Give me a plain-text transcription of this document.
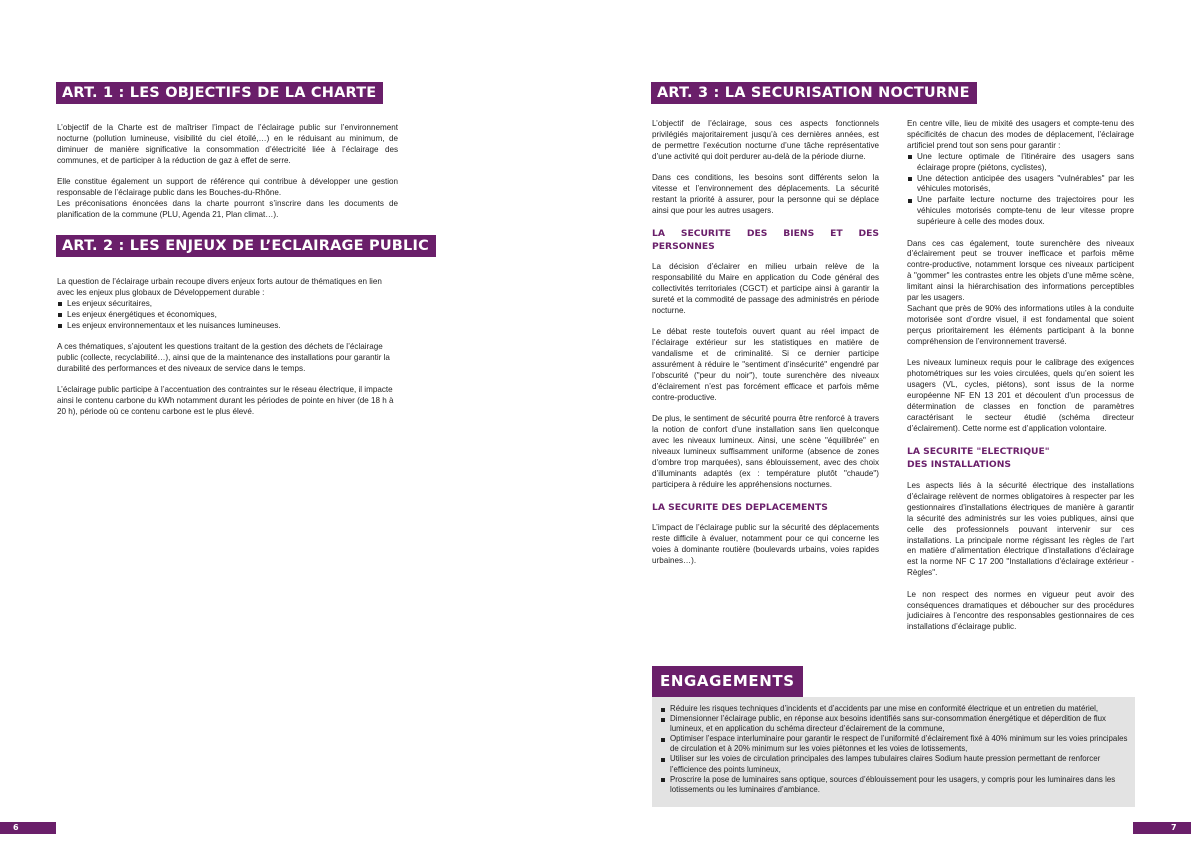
ART. 1 : LES OBJECTIFS DE LA CHARTE

L’objectif de la Charte est de maîtriser l’impact de l’éclairage public sur l’environnement nocturne (pollution lumineuse, visibilité du ciel étoilé,…) en le réduisant au minimum, de diminuer de manière significative la consommation d’électricité liée à l’éclairage des communes, et de participer à la réduction de gaz à effet de serre.

Elle constitue également un support de référence qui contribue à développer une gestion responsable de l’éclairage public dans les Bouches-du-Rhône.

Les préconisations énoncées dans la charte pourront s’inscrire dans les documents de planification de la commune (PLU, Agenda 21, Plan climat…).

ART. 2 : LES ENJEUX DE L’ECLAIRAGE PUBLIC

La question de l’éclairage urbain recoupe divers enjeux forts autour de thématiques en lien avec les enjeux plus globaux de Développement durable :

Les enjeux sécuritaires,
Les enjeux énergétiques et économiques,
Les enjeux environnementaux et les nuisances lumineuses.

A ces thématiques, s’ajoutent les questions traitant de la gestion des déchets de l’éclairage public (collecte, recyclabilité…), ainsi que de la maintenance des installations pour garantir la durabilité des performances et des niveaux de service dans le temps.

L’éclairage public participe à l’accentuation des contraintes sur le réseau électrique, il impacte ainsi le contenu carbone du kWh notamment durant les périodes de pointe en hiver (de 18 h à 20 h), période où ce contenu carbone est le plus élevé.

6
ART. 3 : LA SECURISATION NOCTURNE

L’objectif de l’éclairage, sous ces aspects fonctionnels privilégiés majoritairement jusqu’à ces dernières années, est de permettre l’exécution nocturne d’une tâche représentative d’une activité qui doit perdurer au-delà de la période diurne.

Dans ces conditions, les besoins sont différents selon la vitesse et l’environnement des déplacements. La sécurité restant la priorité à assurer, pour la personne qui se déplace ainsi que pour les autres usagers.

LA SECURITE DES BIENS ET DES PERSONNES

La décision d’éclairer en milieu urbain relève de la responsabilité du Maire en application du Code général des collectivités territoriales (CGCT) et participe ainsi à garantir la sureté et la commodité de passage des administrés en période nocturne.

Le débat reste toutefois ouvert quant au réel impact de l’éclairage extérieur sur les statistiques en matière de vandalisme et de criminalité. Si ce dernier participe assurément à réduire le "sentiment d’insécurité" engendré par l’obscurité ("peur du noir"), toute surenchère des niveaux d’éclairement n’est pas forcément efficace et parfois même contre-productive.

De plus, le sentiment de sécurité pourra être renforcé à travers la notion de confort d’une installation sans lien quelconque avec les niveaux lumineux. Ainsi, une scène "équilibrée" en niveaux lumineux suffisamment uniforme (absence de zones d’ombre trop marquées), sans éblouissement, avec des choix d’illuminants adaptés (ex : température plutôt "chaude") participera à réduire les appréhensions nocturnes.

LA SECURITE DES DEPLACEMENTS

L’impact de l’éclairage public sur la sécurité des déplacements reste difficile à évaluer, notamment pour ce qui concerne les voies à dominante routière (boulevards urbains, voies rapides urbaines…).

En centre ville, lieu de mixité des usagers et compte-tenu des spécificités de chacun des modes de déplacement, l’éclairage artificiel prend tout son sens pour garantir :

Une lecture optimale de l’itinéraire des usagers sans éclairage propre (piétons, cyclistes),
Une détection anticipée des usagers "vulnérables" par les véhicules motorisés,
Une parfaite lecture nocturne des trajectoires pour les véhicules motorisés compte-tenu de leur vitesse propre supérieure à celle des modes doux.

Dans ces cas également, toute surenchère des niveaux d’éclairement peut se trouver inefficace et parfois même contre-productive, notamment lorsque ces niveaux participent à "gommer" les contrastes entre les objets d’une même scène, limitant ainsi la hiérarchisation des informations perceptibles par les usagers.

Sachant que près de 90% des informations utiles à la conduite motorisée sont d’ordre visuel, il est fondamental que soient perçus prioritairement les éléments participant à la bonne compréhension de l’environnement traversé.

Les niveaux lumineux requis pour le calibrage des exigences photométriques sur les voies circulées, quels qu’en soient les usagers (VL, cycles, piétons), sont issus de la norme européenne NF EN 13 201 et découlent d’un processus de détermination de classes en fonction de paramètres caractérisant le secteur étudié (schéma directeur d’éclairement). Cette norme est d’application volontaire.

LA SECURITE "ELECTRIQUE"
DES INSTALLATIONS

Les aspects liés à la sécurité électrique des installations d’éclairage relèvent de normes obligatoires à respecter par les gestionnaires d’installations électriques de manière à garantir la sécurité des administrés sur les voies publiques, ainsi que celle des professionnels pouvant intervenir sur ces installations. La principale norme régissant les règles de l’art en matière d’alimentation électrique d’installations d’éclairage est la norme NF C 17 200 "Installations d’éclairage extérieur - Règles".

Le non respect des normes en vigueur peut avoir des conséquences dramatiques et déboucher sur des procédures judiciaires à l’encontre des responsables gestionnaires de ces installations d’éclairage public.

ENGAGEMENTS
Réduire les risques techniques d’incidents et d’accidents par une mise en conformité électrique et un entretien du matériel,
Dimensionner l’éclairage public, en réponse aux besoins identifiés sans sur-consommation énergétique et déperdition de flux lumineux, et en application du schéma directeur d’éclairement de la commune,
Optimiser l’espace interluminaire pour garantir le respect de l’uniformité d’éclairement fixé à 40% minimum sur les voies principales de circulation et à 20% minimum sur les voies piétonnes et les voies de lotissements,
Utiliser sur les voies de circulation principales des lampes tubulaires claires Sodium haute pression permettant de renforcer l’efficience des points lumineux,
Proscrire la pose de luminaires sans optique, sources d’éblouissement pour les usagers, y compris pour les luminaires dans les lotissements ou les luminaires d’ambiance.
7
